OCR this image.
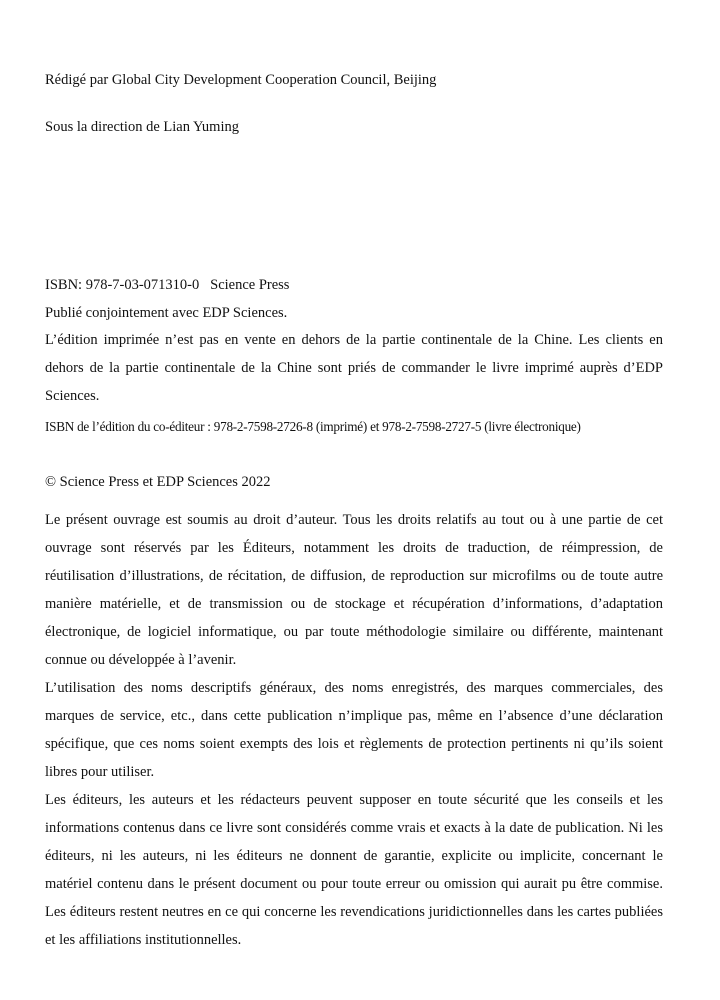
Rédigé par Global City Development Cooperation Council, Beijing
Sous la direction de Lian Yuming
ISBN: 978-7-03-071310-0   Science Press
Publié conjointement avec EDP Sciences.

L’édition imprimée n’est pas en vente en dehors de la partie continentale de la Chine. Les clients en dehors de la partie continentale de la Chine sont priés de commander le livre imprimé auprès d’EDP Sciences.

ISBN de l’édition du co-éditeur : 978-2-7598-2726-8 (imprimé) et 978-2-7598-2727-5 (livre électronique)
© Science Press et EDP Sciences 2022

Le présent ouvrage est soumis au droit d’auteur. Tous les droits relatifs au tout ou à une partie de cet ouvrage sont réservés par les Éditeurs, notamment les droits de traduction, de réimpression, de réutilisation d’illustrations, de récitation, de diffusion, de reproduction sur microfilms ou de toute autre manière matérielle, et de transmission ou de stockage et récupération d’informations, d’adaptation électronique, de logiciel informatique, ou par toute méthodologie similaire ou différente, maintenant connue ou développée à l’avenir.

L’utilisation des noms descriptifs généraux, des noms enregistrés, des marques commerciales, des marques de service, etc., dans cette publication n’implique pas, même en l’absence d’une déclaration spécifique, que ces noms soient exempts des lois et règlements de protection pertinents ni qu’ils soient libres pour utiliser.

Les éditeurs, les auteurs et les rédacteurs peuvent supposer en toute sécurité que les conseils et les informations contenus dans ce livre sont considérés comme vrais et exacts à la date de publication. Ni les éditeurs, ni les auteurs, ni les éditeurs ne donnent de garantie, explicite ou implicite, concernant le matériel contenu dans le présent document ou pour toute erreur ou omission qui aurait pu être commise. Les éditeurs restent neutres en ce qui concerne les revendications juridictionnelles dans les cartes publiées et les affiliations institutionnelles.
